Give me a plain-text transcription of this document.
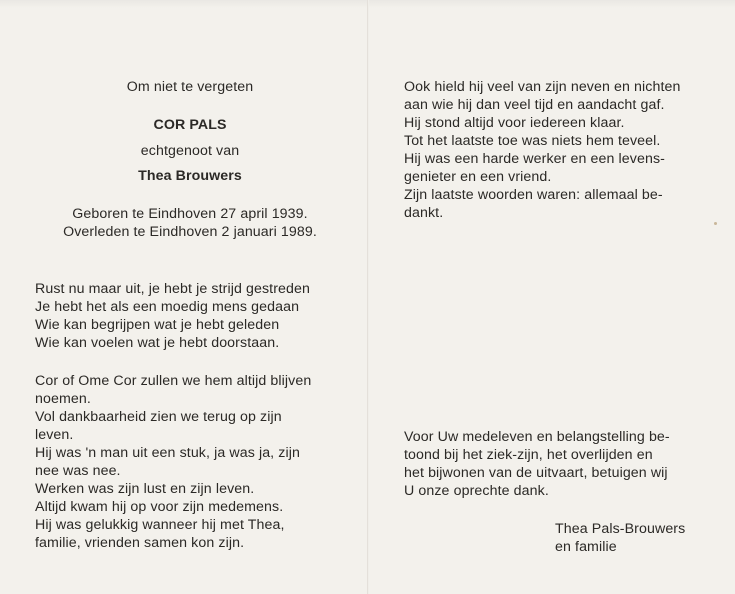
Om niet te vergeten
COR PALS
echtgenoot van
Thea Brouwers
Geboren te Eindhoven 27 april 1939.
Overleden te Eindhoven 2 januari 1989.
Rust nu maar uit, je hebt je strijd gestreden
Je hebt het als een moedig mens gedaan
Wie kan begrijpen wat je hebt geleden
Wie kan voelen wat je hebt doorstaan.
Cor of Ome Cor zullen we hem altijd blijven
noemen.
Vol dankbaarheid zien we terug op zijn
leven.
Hij was 'n man uit een stuk, ja was ja, zijn
nee was nee.
Werken was zijn lust en zijn leven.
Altijd kwam hij op voor zijn medemens.
Hij was gelukkig wanneer hij met Thea,
familie, vrienden samen kon zijn.
Ook hield hij veel van zijn neven en nichten
aan wie hij dan veel tijd en aandacht gaf.
Hij stond altijd voor iedereen klaar.
Tot het laatste toe was niets hem teveel.
Hij was een harde werker en een levens-
genieter en een vriend.
Zijn laatste woorden waren: allemaal be-
dankt.
Voor Uw medeleven en belangstelling be-
toond bij het ziek-zijn, het overlijden en
het bijwonen van de uitvaart, betuigen wij
U onze oprechte dank.
Thea Pals-Brouwers
en familie
